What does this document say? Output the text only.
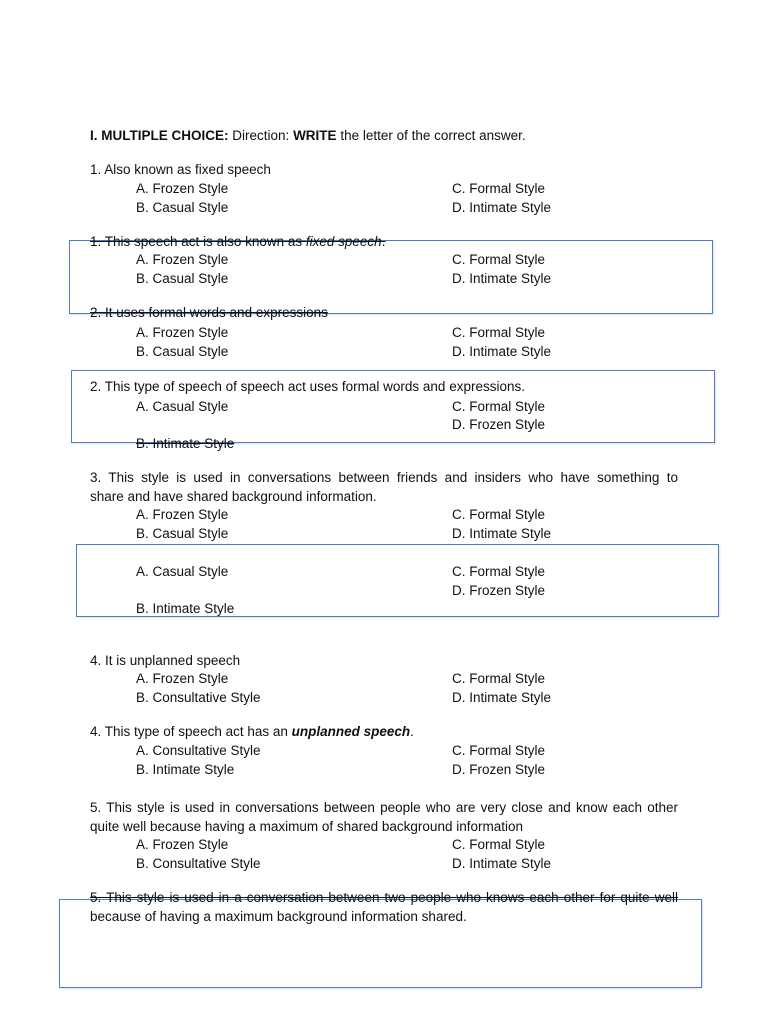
I. MULTIPLE CHOICE: Direction: WRITE the letter of the correct answer.
1. Also known as fixed speech
A. Frozen Style	C. Formal Style
B. Casual Style	D. Intimate Style
1. This speech act is also known as fixed speech.
A. Frozen Style	C. Formal Style
B. Casual Style	D. Intimate Style
2. It uses formal words and expressions
A. Frozen Style	C. Formal Style
B. Casual Style	D. Intimate Style
2. This type of speech of speech act uses formal words and expressions.
A. Casual Style	C. Formal Style
D. Frozen Style
B. Intimate Style
3. This style is used in conversations between friends and insiders who have something to
share and have shared background information.
A. Frozen Style	C. Formal Style
B. Casual Style	D. Intimate Style
A. Casual Style	C. Formal Style
D. Frozen Style
B. Intimate Style
4. It is unplanned speech
A. Frozen Style	C. Formal Style
B. Consultative Style	D. Intimate Style
4. This type of speech act has an unplanned speech.
A. Consultative Style	C. Formal Style
B. Intimate Style	D. Frozen Style
5. This style is used in conversations between people who are very close and know each other
quite well because having a maximum of shared background information
A. Frozen Style	C. Formal Style
B. Consultative Style	D. Intimate Style
5. This style is used in a conversation between two people who knows each other for quite well
because of having a maximum background information shared.
